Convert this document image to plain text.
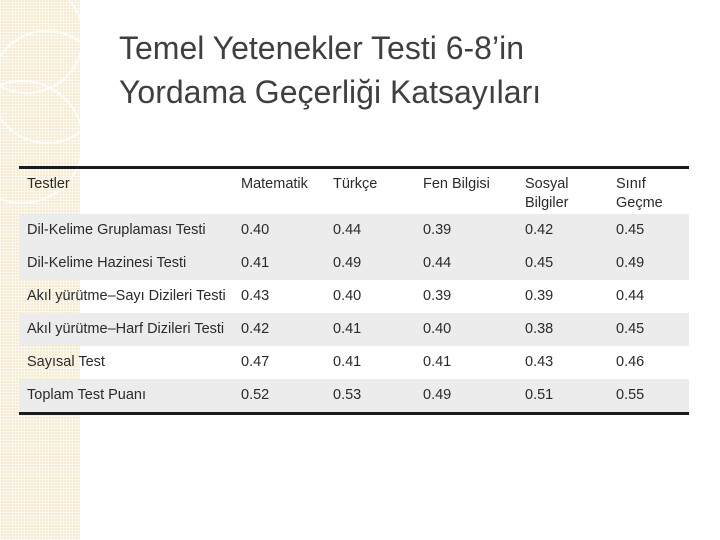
Temel Yetenekler Testi 6-8’in
Yordama Geçerliği Katsayıları
Testler	Matematik	Türkçe	Fen Bilgisi	Sosyal Bilgiler	Sınıf Geçme
Dil-Kelime Gruplaması Testi	0.40	0.44	0.39	0.42	0.45
Dil-Kelime Hazinesi Testi	0.41	0.49	0.44	0.45	0.49
Akıl yürütme–Sayı Dizileri Testi	0.43	0.40	0.39	0.39	0.44
Akıl yürütme–Harf Dizileri Testi	0.42	0.41	0.40	0.38	0.45
Sayısal Test	0.47	0.41	0.41	0.43	0.46
Toplam Test Puanı	0.52	0.53	0.49	0.51	0.55
